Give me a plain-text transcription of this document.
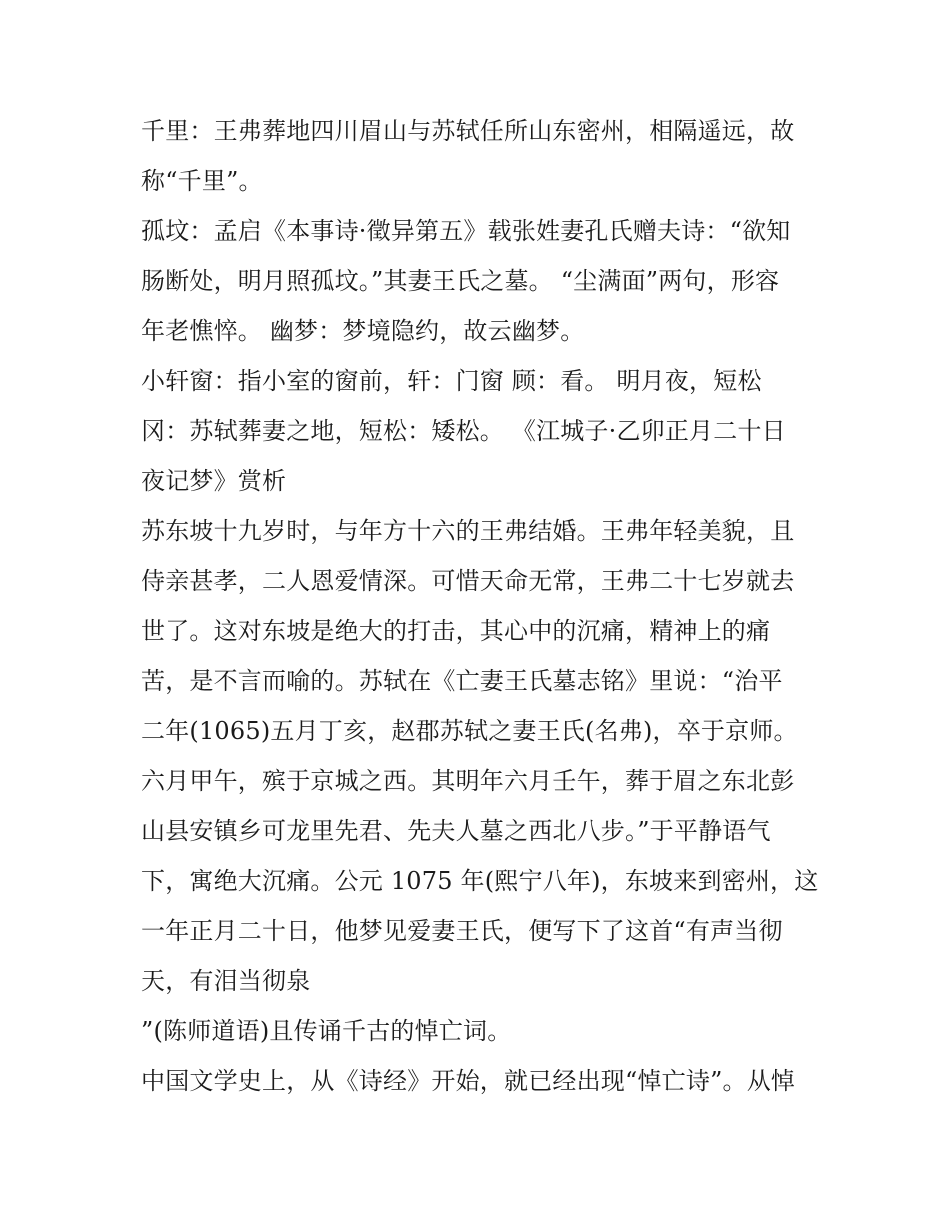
千里：王弗葬地四川眉山与苏轼任所山东密州，相隔遥远，故
称“千里”。
孤坟：孟启《本事诗·徵异第五》载张姓妻孔氏赠夫诗：“欲知
肠断处，明月照孤坟。”其妻王氏之墓。 “尘满面”两句，形容
年老憔悴。 幽梦：梦境隐约，故云幽梦。
小轩窗：指小室的窗前，轩：门窗 顾：看。 明月夜，短松
冈：苏轼葬妻之地，短松：矮松。 《江城子·乙卯正月二十日
夜记梦》赏析
苏东坡十九岁时，与年方十六的王弗结婚。王弗年轻美貌，且
侍亲甚孝，二人恩爱情深。可惜天命无常，王弗二十七岁就去
世了。这对东坡是绝大的打击，其心中的沉痛，精神上的痛
苦，是不言而喻的。苏轼在《亡妻王氏墓志铭》里说：“治平
二年(1065)五月丁亥，赵郡苏轼之妻王氏(名弗)，卒于京师。
六月甲午，殡于京城之西。其明年六月壬午，葬于眉之东北彭
山县安镇乡可龙里先君、先夫人墓之西北八步。”于平静语气
下，寓绝大沉痛。公元 1075 年(熙宁八年)，东坡来到密州，这
一年正月二十日，他梦见爱妻王氏，便写下了这首“有声当彻
天，有泪当彻泉
”(陈师道语)且传诵千古的悼亡词。
中国文学史上，从《诗经》开始，就已经出现“悼亡诗”。从悼
